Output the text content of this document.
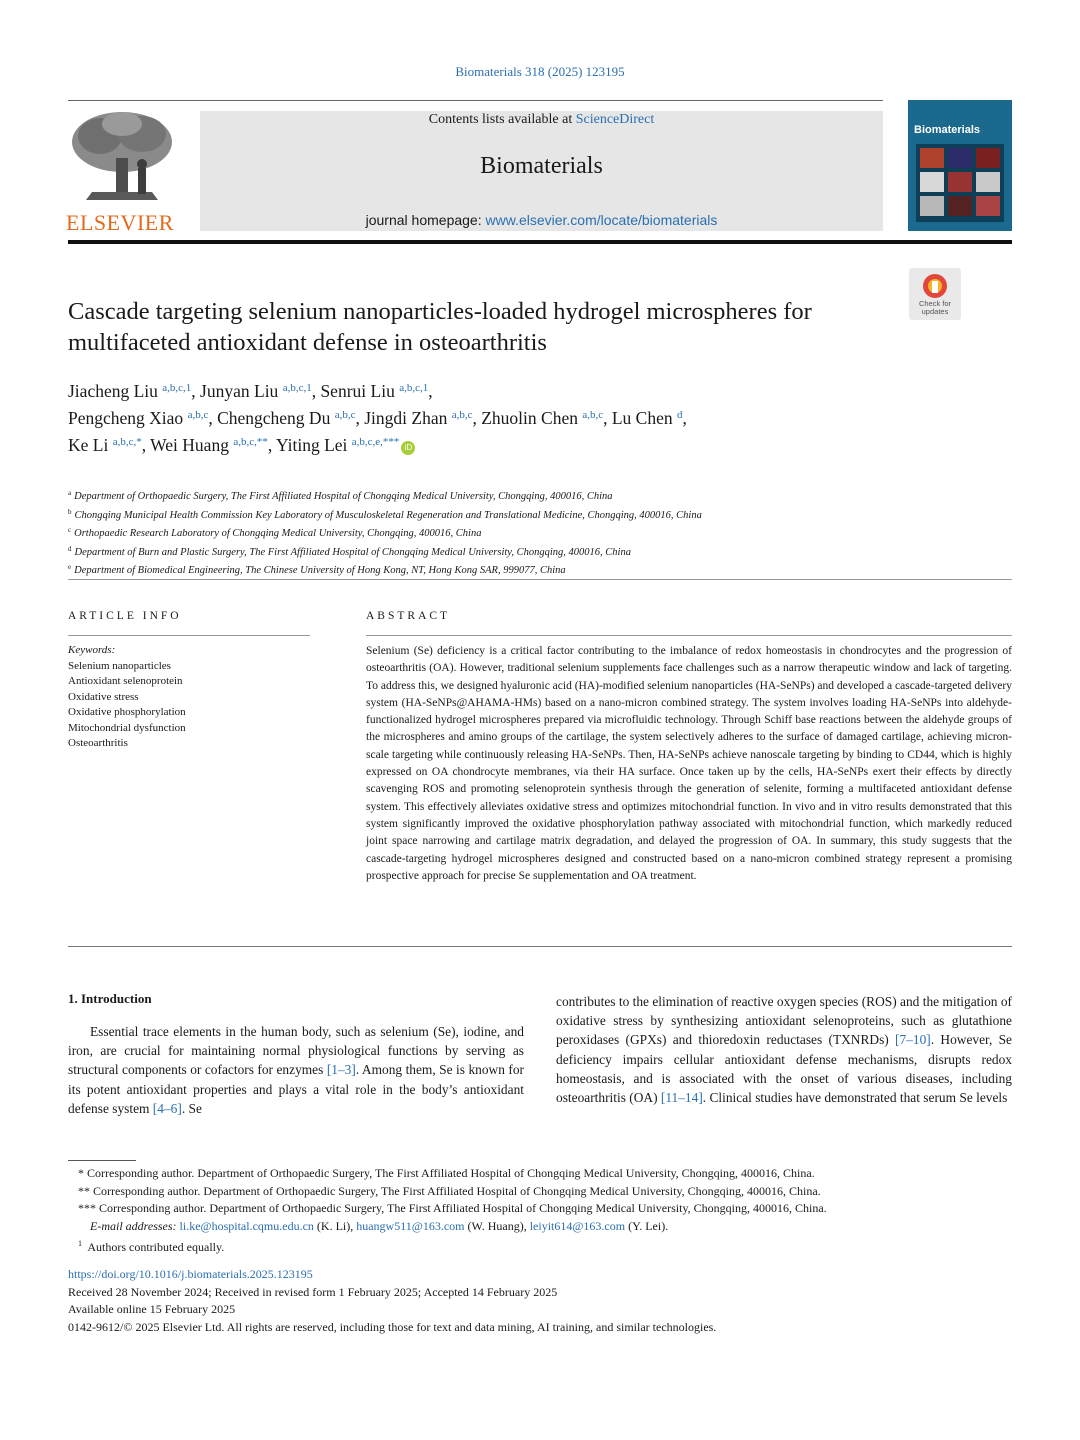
Biomaterials 318 (2025) 123195
ELSEVIER
Contents lists available at ScienceDirect
Biomaterials
journal homepage: www.elsevier.com/locate/biomaterials
Biomaterials
Check for updates
Cascade targeting selenium nanoparticles-loaded hydrogel microspheres for multifaceted antioxidant defense in osteoarthritis
Jiacheng Liu $^{a,b,c,1}$, Junyan Liu $^{a,b,c,1}$, Senrui Liu $^{a,b,c,1}$,
Pengcheng Xiao $^{a,b,c}$, Chengcheng Du $^{a,b,c}$, Jingdi Zhan $^{a,b,c}$, Zhuolin Chen $^{a,b,c}$, Lu Chen $^d$,
Ke Li $^{a,b,c,*}$, Wei Huang $^{a,b,c,**}$, Yiting Lei $^{a,b,c,e,***}$ iD
$^a$ Department of Orthopaedic Surgery, The First Affiliated Hospital of Chongqing Medical University, Chongqing, 400016, China
$^b$ Chongqing Municipal Health Commission Key Laboratory of Musculoskeletal Regeneration and Translational Medicine, Chongqing, 400016, China
$^c$ Orthopaedic Research Laboratory of Chongqing Medical University, Chongqing, 400016, China
$^d$ Department of Burn and Plastic Surgery, The First Affiliated Hospital of Chongqing Medical University, Chongqing, 400016, China
$^e$ Department of Biomedical Engineering, The Chinese University of Hong Kong, NT, Hong Kong SAR, 999077, China
ARTICLE INFO	ABSTRACT
Keywords:
Selenium nanoparticles
Antioxidant selenoprotein
Oxidative stress
Oxidative phosphorylation
Mitochondrial dysfunction
Osteoarthritis
Selenium (Se) deficiency is a critical factor contributing to the imbalance of redox homeostasis in chondrocytes and the progression of osteoarthritis (OA). However, traditional selenium supplements face challenges such as a narrow therapeutic window and lack of targeting. To address this, we designed hyaluronic acid (HA)-modified selenium nanoparticles (HA-SeNPs) and developed a cascade-targeted delivery system (HA-SeNPs@AHAMA-HMs) based on a nano-micron combined strategy. The system involves loading HA-SeNPs into aldehyde-functionalized hydrogel microspheres prepared via microfluidic technology. Through Schiff base reactions between the aldehyde groups of the microspheres and amino groups of the cartilage, the system selectively adheres to the surface of damaged cartilage, achieving micron-scale targeting while continuously releasing HA-SeNPs. Then, HA-SeNPs achieve nanoscale targeting by binding to CD44, which is highly expressed on OA chondrocyte membranes, via their HA surface. Once taken up by the cells, HA-SeNPs exert their effects by directly scavenging ROS and promoting selenoprotein synthesis through the generation of selenite, forming a multifaceted antioxidant defense system. This effectively alleviates oxidative stress and optimizes mitochondrial function. In vivo and in vitro results demonstrated that this system significantly improved the oxidative phosphorylation pathway associated with mitochondrial function, which markedly reduced joint space narrowing and cartilage matrix degradation, and delayed the progression of OA. In summary, this study suggests that the cascade-targeting hydrogel microspheres designed and constructed based on a nano-micron combined strategy represent a promising prospective approach for precise Se supplementation and OA treatment.
1. Introduction
Essential trace elements in the human body, such as selenium (Se), iodine, and iron, are crucial for maintaining normal physiological functions by serving as structural components or cofactors for enzymes [1–3]. Among them, Se is known for its potent antioxidant properties and plays a vital role in the body’s antioxidant defense system [4–6]. Se
contributes to the elimination of reactive oxygen species (ROS) and the mitigation of oxidative stress by synthesizing antioxidant selenoproteins, such as glutathione peroxidases (GPXs) and thioredoxin reductases (TXNRDs) [7–10]. However, Se deficiency impairs cellular antioxidant defense mechanisms, disrupts redox homeostasis, and is associated with the onset of various diseases, including osteoarthritis (OA) [11–14]. Clinical studies have demonstrated that serum Se levels
* Corresponding author. Department of Orthopaedic Surgery, The First Affiliated Hospital of Chongqing Medical University, Chongqing, 400016, China.
** Corresponding author. Department of Orthopaedic Surgery, The First Affiliated Hospital of Chongqing Medical University, Chongqing, 400016, China.
*** Corresponding author. Department of Orthopaedic Surgery, The First Affiliated Hospital of Chongqing Medical University, Chongqing, 400016, China.
E-mail addresses: li.ke@hospital.cqmu.edu.cn (K. Li), huangw511@163.com (W. Huang), leiyit614@163.com (Y. Lei).
$^1$ Authors contributed equally.
https://doi.org/10.1016/j.biomaterials.2025.123195
Received 28 November 2024; Received in revised form 1 February 2025; Accepted 14 February 2025
Available online 15 February 2025
0142-9612/© 2025 Elsevier Ltd. All rights are reserved, including those for text and data mining, AI training, and similar technologies.
